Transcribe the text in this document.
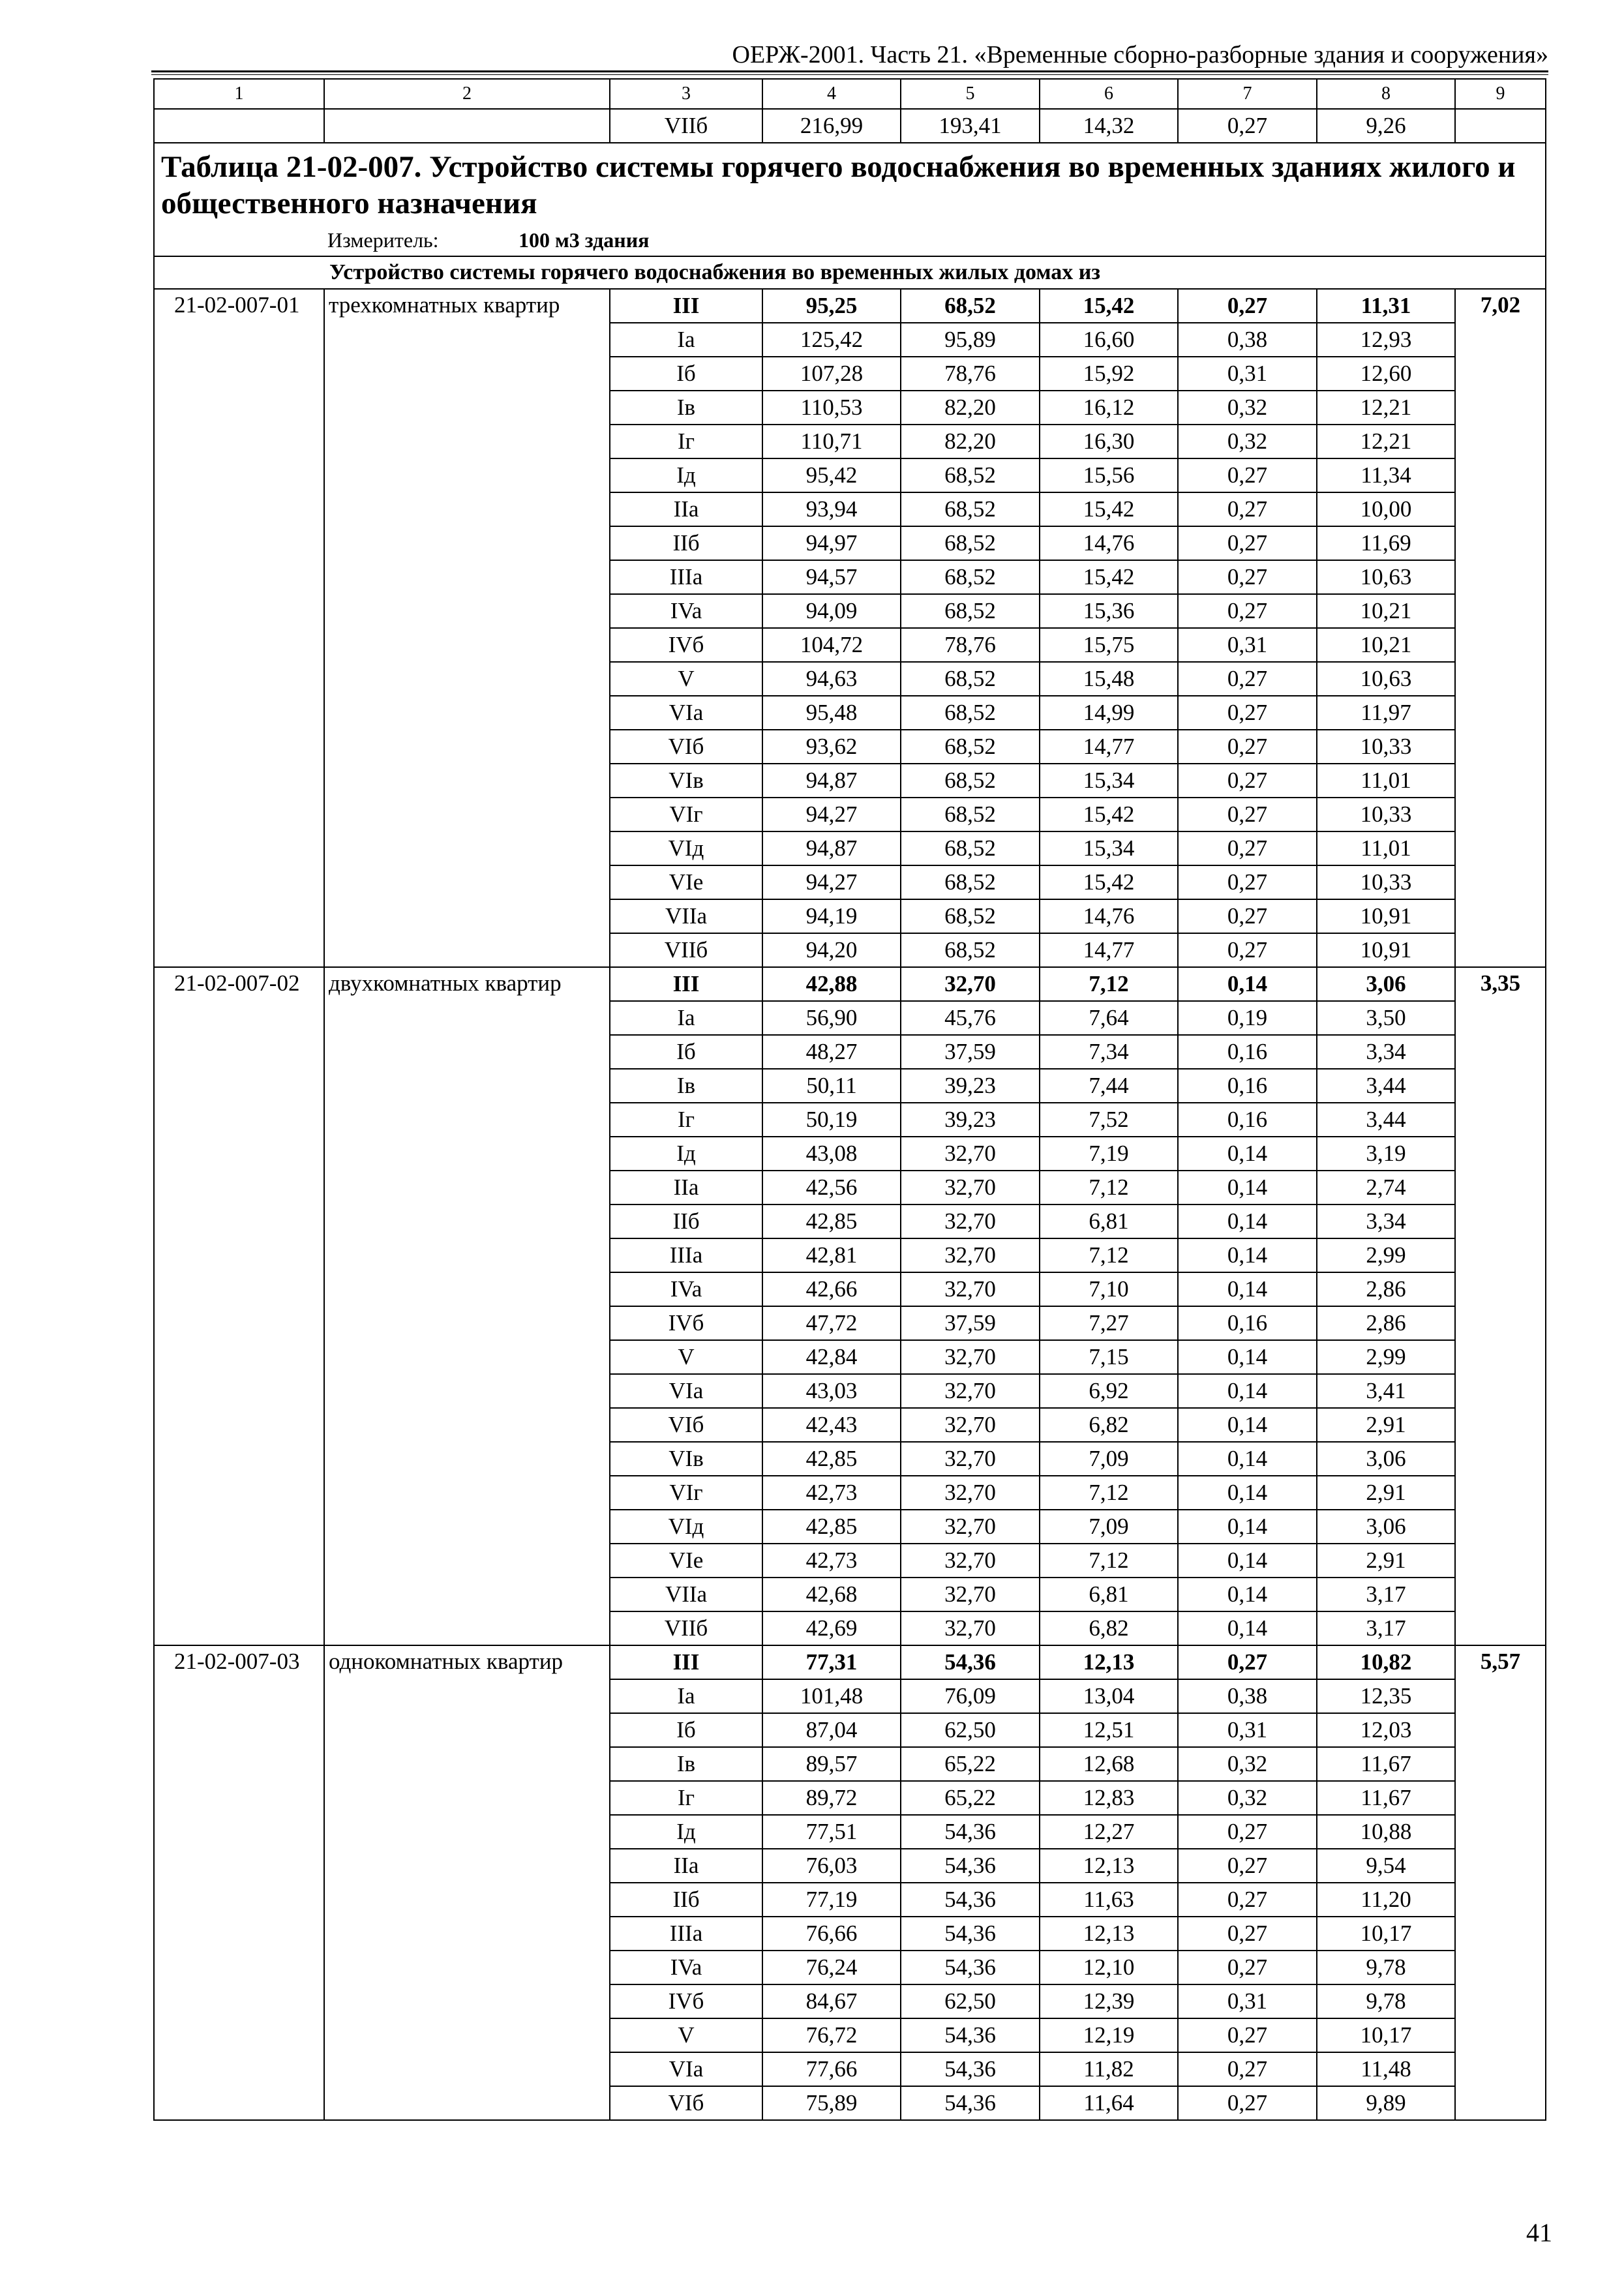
ОЕРЖ-2001. Часть 21. «Временные сборно-разборные здания и сооружения»
1	2	3	4	5	6	7	8	9
		VIIб	216,99	193,41	14,32	0,27	9,26	

Таблица 21-02-007. Устройство системы горячего водоснабжения во временных зданиях жилого и общественного назначения
Измеритель: 100 м3 здания								

Устройство системы горячего водоснабжения во временных жилых домах из								
21-02-007-01	трехкомнатных квартир	III	95,25	68,52	15,42	0,27	11,31	7,02
		Ia	125,42	95,89	16,60	0,38	12,93	
		Iб	107,28	78,76	15,92	0,31	12,60	
		Iв	110,53	82,20	16,12	0,32	12,21	
		Iг	110,71	82,20	16,30	0,32	12,21	
		Iд	95,42	68,52	15,56	0,27	11,34	
		IIa	93,94	68,52	15,42	0,27	10,00	
		IIб	94,97	68,52	14,76	0,27	11,69	
		IIIa	94,57	68,52	15,42	0,27	10,63	
		IVa	94,09	68,52	15,36	0,27	10,21	
		IVб	104,72	78,76	15,75	0,31	10,21	
		V	94,63	68,52	15,48	0,27	10,63	
		VIa	95,48	68,52	14,99	0,27	11,97	
		VIб	93,62	68,52	14,77	0,27	10,33	
		VIв	94,87	68,52	15,34	0,27	11,01	
		VIг	94,27	68,52	15,42	0,27	10,33	
		VIд	94,87	68,52	15,34	0,27	11,01	
		VIe	94,27	68,52	15,42	0,27	10,33	
		VIIa	94,19	68,52	14,76	0,27	10,91	
		VIIб	94,20	68,52	14,77	0,27	10,91	
21-02-007-02	двухкомнатных квартир	III	42,88	32,70	7,12	0,14	3,06	3,35
		Ia	56,90	45,76	7,64	0,19	3,50	
		Iб	48,27	37,59	7,34	0,16	3,34	
		Iв	50,11	39,23	7,44	0,16	3,44	
		Iг	50,19	39,23	7,52	0,16	3,44	
		Iд	43,08	32,70	7,19	0,14	3,19	
		IIa	42,56	32,70	7,12	0,14	2,74	
		IIб	42,85	32,70	6,81	0,14	3,34	
		IIIa	42,81	32,70	7,12	0,14	2,99	
		IVa	42,66	32,70	7,10	0,14	2,86	
		IVб	47,72	37,59	7,27	0,16	2,86	
		V	42,84	32,70	7,15	0,14	2,99	
		VIa	43,03	32,70	6,92	0,14	3,41	
		VIб	42,43	32,70	6,82	0,14	2,91	
		VIв	42,85	32,70	7,09	0,14	3,06	
		VIг	42,73	32,70	7,12	0,14	2,91	
		VIд	42,85	32,70	7,09	0,14	3,06	
		VIe	42,73	32,70	7,12	0,14	2,91	
		VIIa	42,68	32,70	6,81	0,14	3,17	
		VIIб	42,69	32,70	6,82	0,14	3,17	
21-02-007-03	однокомнатных квартир	III	77,31	54,36	12,13	0,27	10,82	5,57
		Ia	101,48	76,09	13,04	0,38	12,35	
		Iб	87,04	62,50	12,51	0,31	12,03	
		Iв	89,57	65,22	12,68	0,32	11,67	
		Iг	89,72	65,22	12,83	0,32	11,67	
		Iд	77,51	54,36	12,27	0,27	10,88	
		IIa	76,03	54,36	12,13	0,27	9,54	
		IIб	77,19	54,36	11,63	0,27	11,20	
		IIIa	76,66	54,36	12,13	0,27	10,17	
		IVa	76,24	54,36	12,10	0,27	9,78	
		IVб	84,67	62,50	12,39	0,31	9,78	
		V	76,72	54,36	12,19	0,27	10,17	
		VIa	77,66	54,36	11,82	0,27	11,48	
		VIб	75,89	54,36	11,64	0,27	9,89	
41
